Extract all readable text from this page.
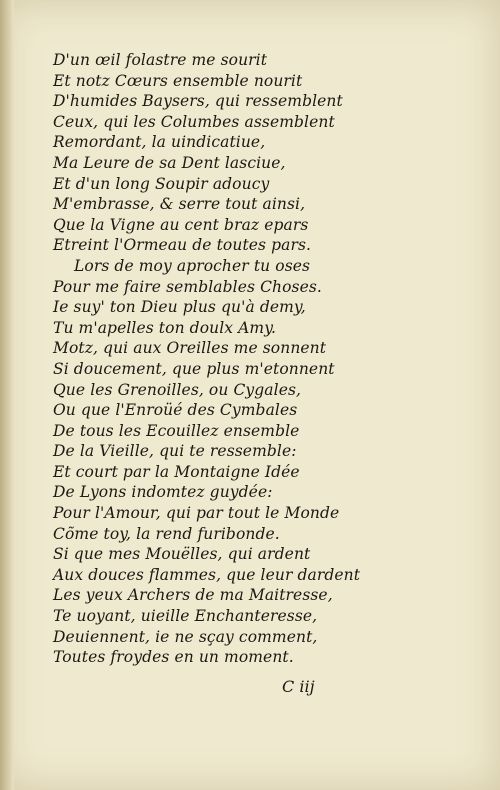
D'un œil folastre me sourit
Et notz Cœurs ensemble nourit
D'humides Baysers, qui ressemblent
Ceux, qui les Columbes assemblent
Remordant, la uindicatiue,
Ma Leure de sa Dent lasciue,
Et d'un long Soupir adoucy
M'embrasse, & serre tout ainsi,
Que la Vigne au cent braz epars
Etreint l'Ormeau de toutes pars.
Lors de moy aprocher tu oses
Pour me faire semblables Choses.
Ie suy' ton Dieu plus qu'à demy,
Tu m'apelles ton doulx Amy.
Motz, qui aux Oreilles me sonnent
Si doucement, que plus m'etonnent
Que les Grenoilles, ou Cygales,
Ou que l'Enroüé des Cymbales
De tous les Ecouillez ensemble
De la Vieille, qui te ressemble:
Et court par la Montaigne Idée
De Lyons indomtez guydée:
Pour l'Amour, qui par tout le Monde
Cõme toy, la rend furibonde.
Si que mes Mouëlles, qui ardent
Aux douces flammes, que leur dardent
Les yeux Archers de ma Maitresse,
Te uoyant, uieille Enchanteresse,
Deuiennent, ie ne sçay comment,
Toutes froydes en un moment.
C iij
